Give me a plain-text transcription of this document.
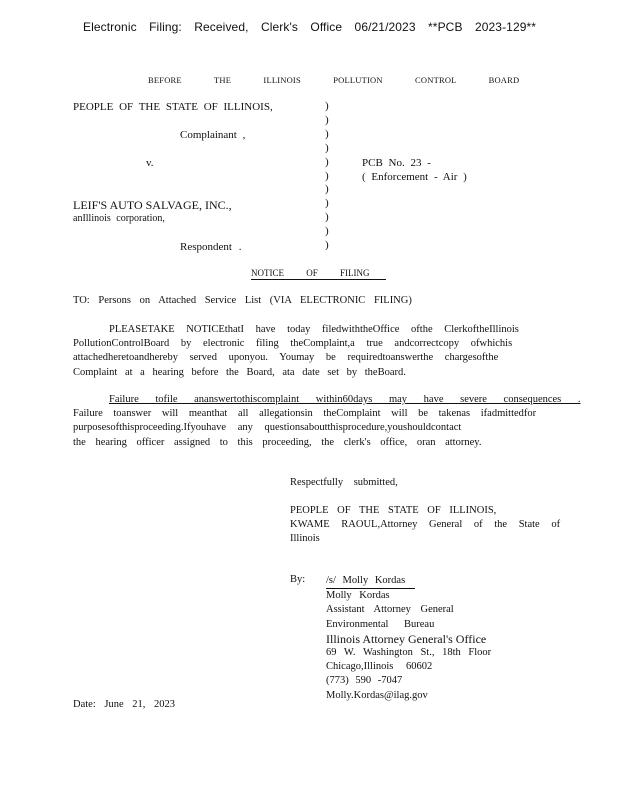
Electronic Filing: Received, Clerk's Office 06/21/2023 **PCB 2023-129**
BEFORE THE ILLINOIS POLLUTION CONTROL BOARD
PEOPLE OF THE STATE OF ILLINOIS,
Complainant ,
v.	PCB No. 23 -
( Enforcement - Air )
LEIF'S AUTO SALVAGE, INC.,
anIllinois corporation,
Respondent .
)
)
)
)
)
)
)
)
)
)
)
NOTICE OF FILING
TO: Persons on Attached Service List (VIA ELECTRONIC FILING)
PLEASETAKE NOTICEthatI have today filedwiththeOffice ofthe ClerkoftheIllinois
PollutionControlBoard by electronic filing theComplaint,a true andcorrectcopy ofwhichis
attachedheretoandhereby served uponyou. Youmay be requiredtoanswerthe chargesofthe
Complaint at a hearing before the Board, ata date set by theBoard.
Failure tofile ananswertothiscomplaint within60days may have severe consequences .
Failure toanswer will meanthat all allegationsin theComplaint will be takenas ifadmittedfor
purposesofthisproceeding.Ifyouhave any questionsaboutthisprocedure,youshouldcontact
the hearing officer assigned to this proceeding, the clerk's office, oran attorney.
Respectfully submitted,
PEOPLE OF THE STATE OF ILLINOIS,
KWAME RAOUL,Attorney General of the State of
Illinois
By: /s/ Molly Kordas
Molly Kordas
Assistant Attorney General
Environmental Bureau
Illinois Attorney General's Office
69 W. Washington St., 18th Floor
Chicago,Illinois 60602
(773) 590 -7047
Molly.Kordas@ilag.gov
Date: June 21, 2023
